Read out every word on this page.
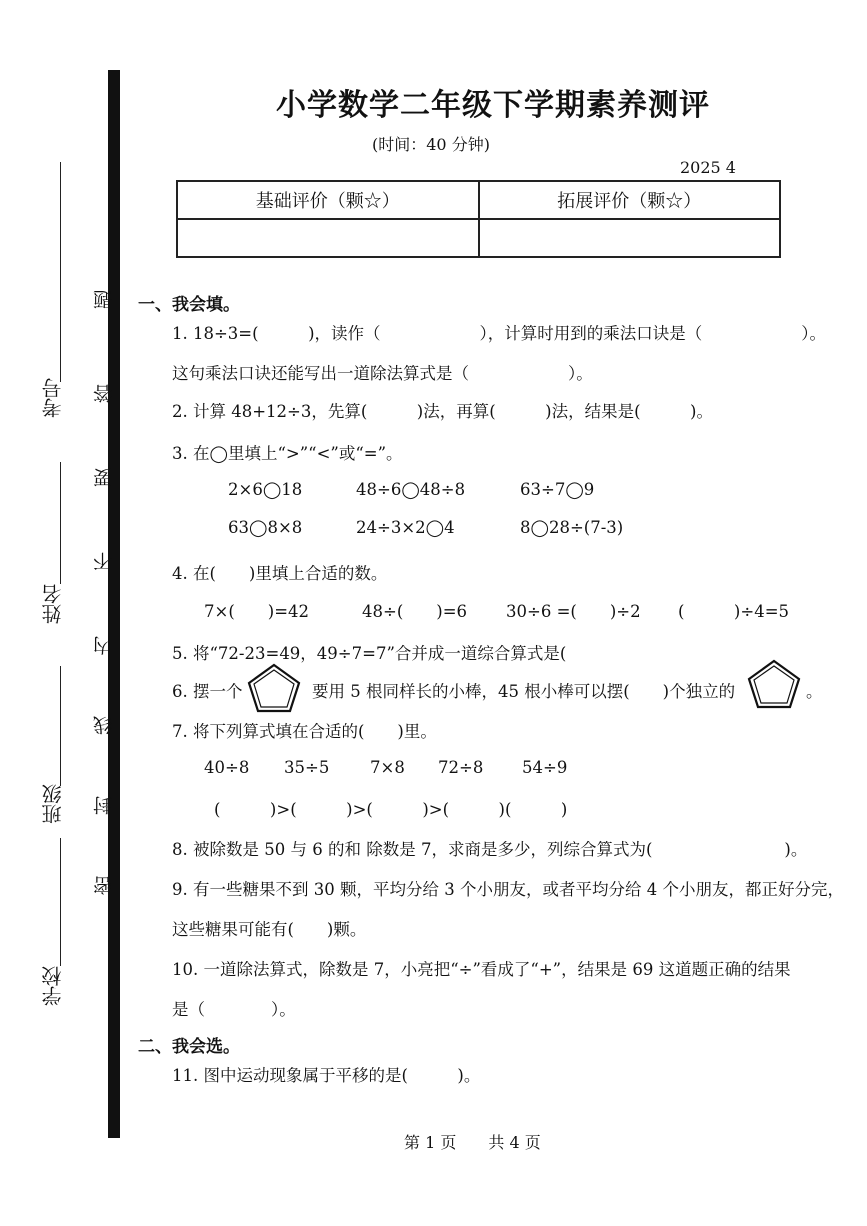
考号
姓名
班级
学校
题
答
要
不
内
线
封
密
小学数学二年级下学期素养测评
(时间：40 分钟)
2025 4
基础评价（颗☆）	拓展评价（颗☆）

一、我会填。
1. 18÷3=(　　　)，读作（　　　　　　），计算时用到的乘法口诀是（　　　　　　）。
这句乘法口诀还能写出一道除法算式是（　　　　　　）。
2. 计算 48+12÷3，先算(　　　)法，再算(　　　)法，结果是(　　　)。
3. 在◯里填上“>”“<”或“=”。
2×6◯18	48÷6◯48÷8	63÷7◯9
63◯8×8	24÷3×2◯4	8◯28÷(7-3)
4. 在(　　)里填上合适的数。
7×(　　)=42	48÷(　　)=6 30÷6 =(　　)÷2 (　　　)÷4=5
5. 将“72-23=49，49÷7=7”合并成一道综合算式是(
6. 摆一个	要用 5 根同样长的小棒，45 根小棒可以摆(　　)个独立的	。
7. 将下列算式填在合适的(　　)里。
40÷8 35÷5 7×8 72÷8 54÷9
(　　　)>(　　　)>(　　　)>(　　　)(　　　)
8. 被除数是 50 与 6 的和 除数是 7，求商是多少，列综合算式为(　　　　　　　　)。
9. 有一些糖果不到 30 颗，平均分给 3 个小朋友，或者平均分给 4 个小朋友，都正好分完，
这些糖果可能有(　　)颗。
10. 一道除法算式，除数是 7，小亮把“÷”看成了“+”，结果是 69 这道题正确的结果
是（　　　　）。
二、我会选。
11. 图中运动现象属于平移的是(　　　)。
第 1 页　　共 4 页
